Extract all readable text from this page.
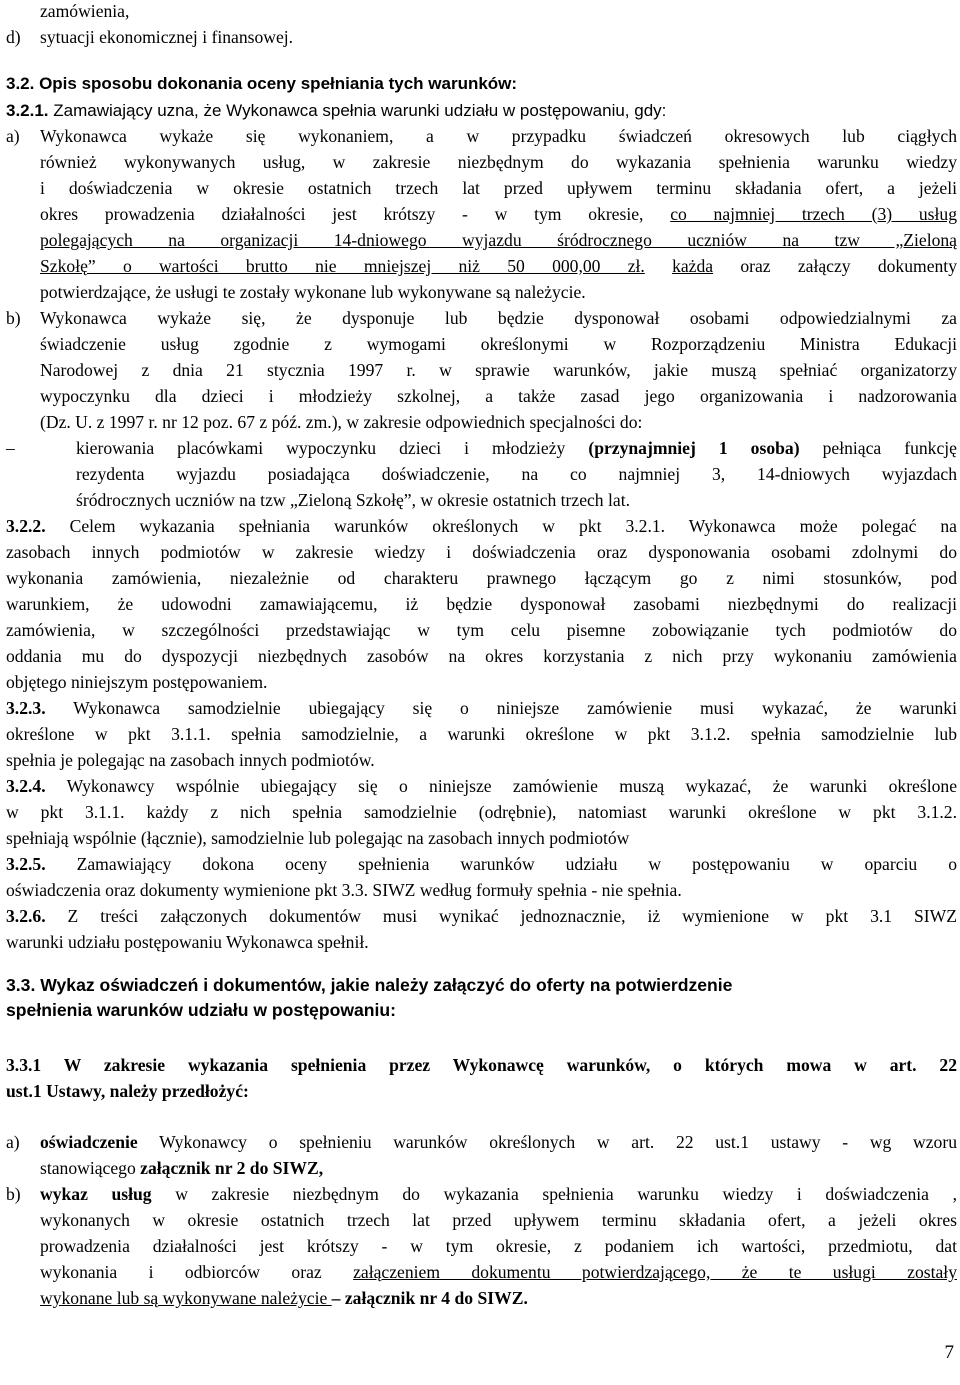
zamówienia,
d) sytuacji ekonomicznej i finansowej.
3.2. Opis sposobu dokonania oceny spełniania tych warunków:
3.2.1. Zamawiający uzna, że Wykonawca spełnia warunki udziału w postępowaniu, gdy:
a) Wykonawca wykaże się wykonaniem, a w przypadku świadczeń okresowych lub ciągłych
również wykonywanych usług, w zakresie niezbędnym do wykazania spełnienia warunku wiedzy
i doświadczenia w okresie ostatnich trzech lat przed upływem terminu składania ofert, a jeżeli
okres prowadzenia działalności jest krótszy - w tym okresie, co najmniej trzech (3) usług
polegających na organizacji 14-dniowego wyjazdu śródrocznego uczniów na tzw „Zieloną
Szkołę” o wartości brutto nie mniejszej niż 50 000,00 zł. każda oraz załączy dokumenty
potwierdzające, że usługi te zostały wykonane lub wykonywane są należycie.
b) Wykonawca wykaże się, że dysponuje lub będzie dysponował osobami odpowiedzialnymi za
świadczenie usług zgodnie z wymogami określonymi w Rozporządzeniu Ministra Edukacji
Narodowej z dnia 21 stycznia 1997 r. w sprawie warunków, jakie muszą spełniać organizatorzy
wypoczynku dla dzieci i młodzieży szkolnej, a także zasad jego organizowania i nadzorowania
(Dz. U. z 1997 r. nr 12 poz. 67 z póź. zm.), w zakresie odpowiednich specjalności do:
–	kierowania placówkami wypoczynku dzieci i młodzieży (przynajmniej 1 osoba) pełniąca funkcję
rezydenta wyjazdu posiadająca doświadczenie, na co najmniej 3, 14-dniowych wyjazdach
śródrocznych uczniów na tzw „Zieloną Szkołę”, w okresie ostatnich trzech lat.
3.2.2. Celem wykazania spełniania warunków określonych w pkt 3.2.1. Wykonawca może polegać na
zasobach innych podmiotów w zakresie wiedzy i doświadczenia oraz dysponowania osobami zdolnymi do
wykonania zamówienia, niezależnie od charakteru prawnego łączącym go z nimi stosunków, pod
warunkiem, że udowodni zamawiającemu, iż będzie dysponował zasobami niezbędnymi do realizacji
zamówienia, w szczególności przedstawiając w tym celu pisemne zobowiązanie tych podmiotów do
oddania mu do dyspozycji niezbędnych zasobów na okres korzystania z nich przy wykonaniu zamówienia
objętego niniejszym postępowaniem.
3.2.3. Wykonawca samodzielnie ubiegający się o niniejsze zamówienie musi wykazać, że warunki
określone w pkt 3.1.1. spełnia samodzielnie, a warunki określone w pkt 3.1.2. spełnia samodzielnie lub
spełnia je polegając na zasobach innych podmiotów.
3.2.4. Wykonawcy wspólnie ubiegający się o niniejsze zamówienie muszą wykazać, że warunki określone
w pkt 3.1.1. każdy z nich spełnia samodzielnie (odrębnie), natomiast warunki określone w pkt 3.1.2.
spełniają wspólnie (łącznie), samodzielnie lub polegając na zasobach innych podmiotów
3.2.5. Zamawiający dokona oceny spełnienia warunków udziału w postępowaniu w oparciu o
oświadczenia oraz dokumenty wymienione pkt 3.3. SIWZ według formuły spełnia - nie spełnia.
3.2.6. Z treści załączonych dokumentów musi wynikać jednoznacznie, iż wymienione w pkt 3.1 SIWZ
warunki udziału postępowaniu Wykonawca spełnił.
3.3. Wykaz oświadczeń i dokumentów, jakie należy załączyć do oferty na potwierdzenie
spełnienia warunków udziału w postępowaniu:
3.3.1 W zakresie wykazania spełnienia przez Wykonawcę warunków, o których mowa w art. 22
ust.1 Ustawy, należy przedłożyć:
a) oświadczenie Wykonawcy o spełnieniu warunków określonych w art. 22 ust.1 ustawy - wg wzoru
stanowiącego załącznik nr 2 do SIWZ,
b) wykaz usług w zakresie niezbędnym do wykazania spełnienia warunku wiedzy i doświadczenia ,
wykonanych w okresie ostatnich trzech lat przed upływem terminu składania ofert, a jeżeli okres
prowadzenia działalności jest krótszy - w tym okresie, z podaniem ich wartości, przedmiotu, dat
wykonania i odbiorców oraz załączeniem dokumentu potwierdzającego, że te usługi zostały
wykonane lub są wykonywane należycie – załącznik nr 4 do SIWZ.
7
